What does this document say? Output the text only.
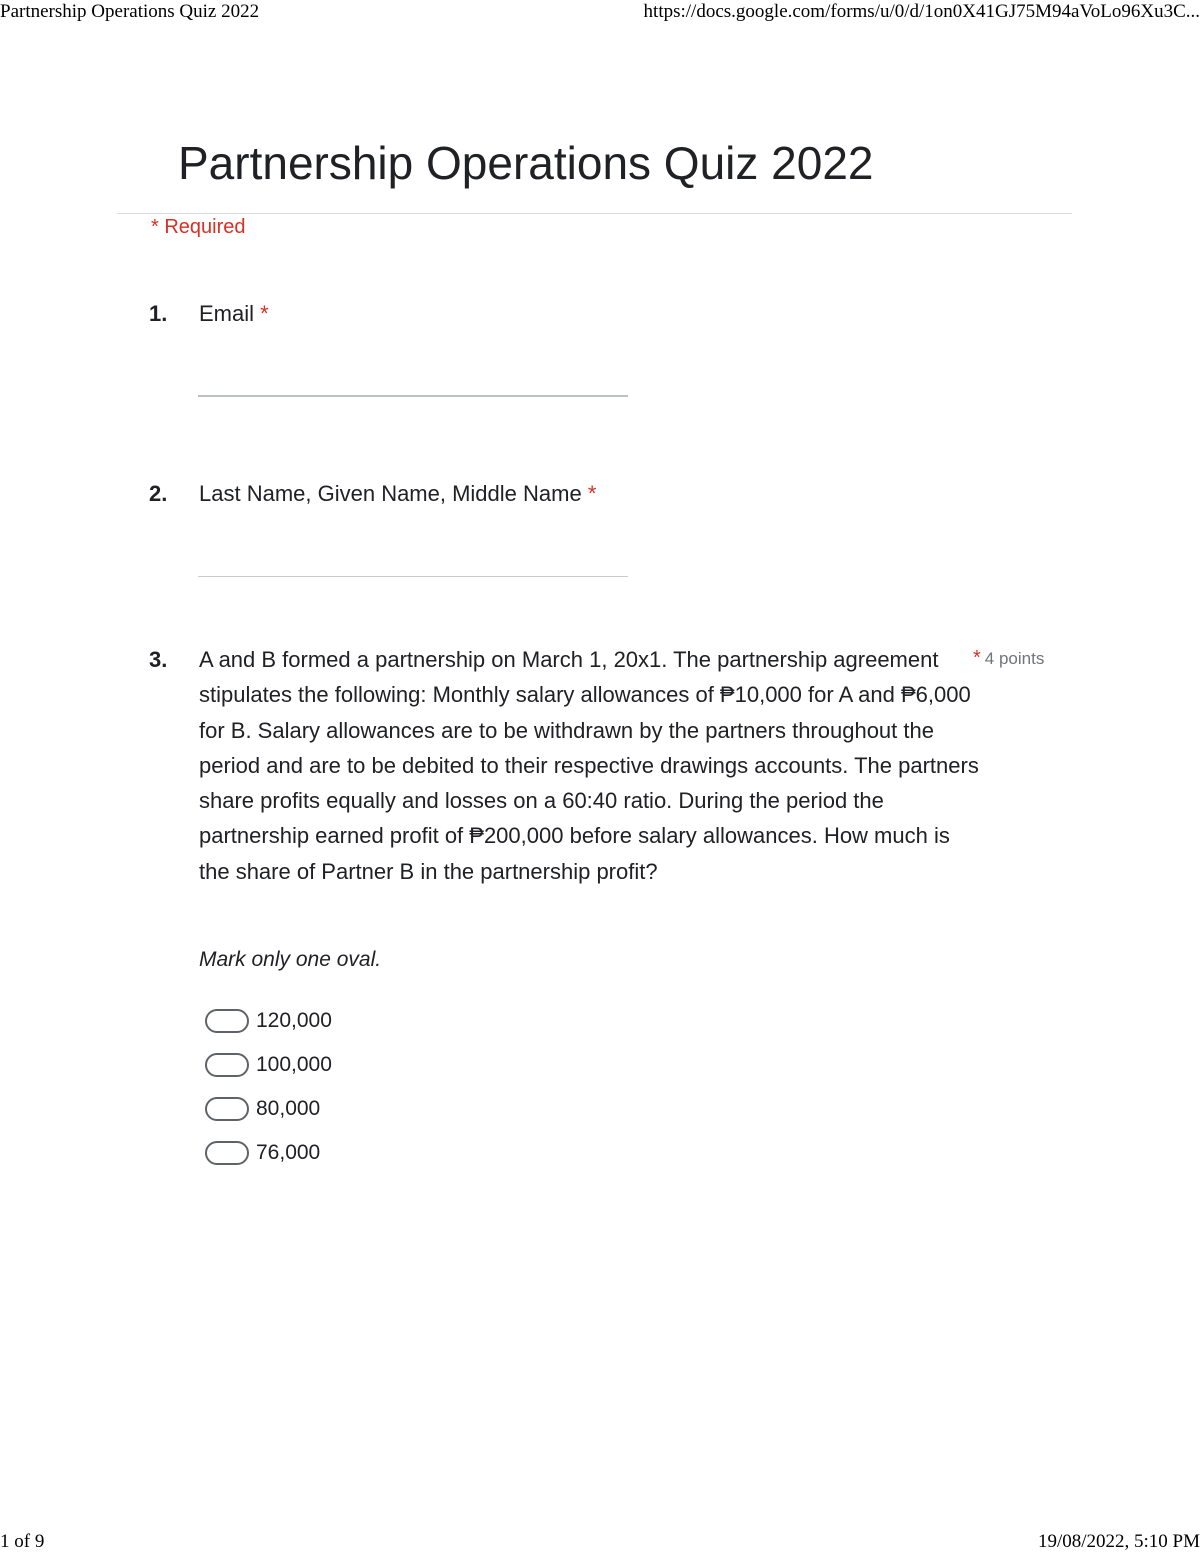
Partnership Operations Quiz 2022	https://docs.google.com/forms/u/0/d/1on0X41GJ75M94aVoLo96Xu3C...
Partnership Operations Quiz 2022
* Required
1. Email *
2. Last Name, Given Name, Middle Name *
3. A and B formed a partnership on March 1, 20x1. The partnership agreement stipulates the following: Monthly salary allowances of ₱10,000 for A and ₱6,000 for B. Salary allowances are to be withdrawn by the partners throughout the period and are to be debited to their respective drawings accounts. The partners share profits equally and losses on a 60:40 ratio. During the period the partnership earned profit of ₱200,000 before salary allowances. How much is the share of Partner B in the partnership profit?

* 4 points
Mark only one oval.
120,000
100,000
80,000
76,000
1 of 9	19/08/2022, 5:10 PM
